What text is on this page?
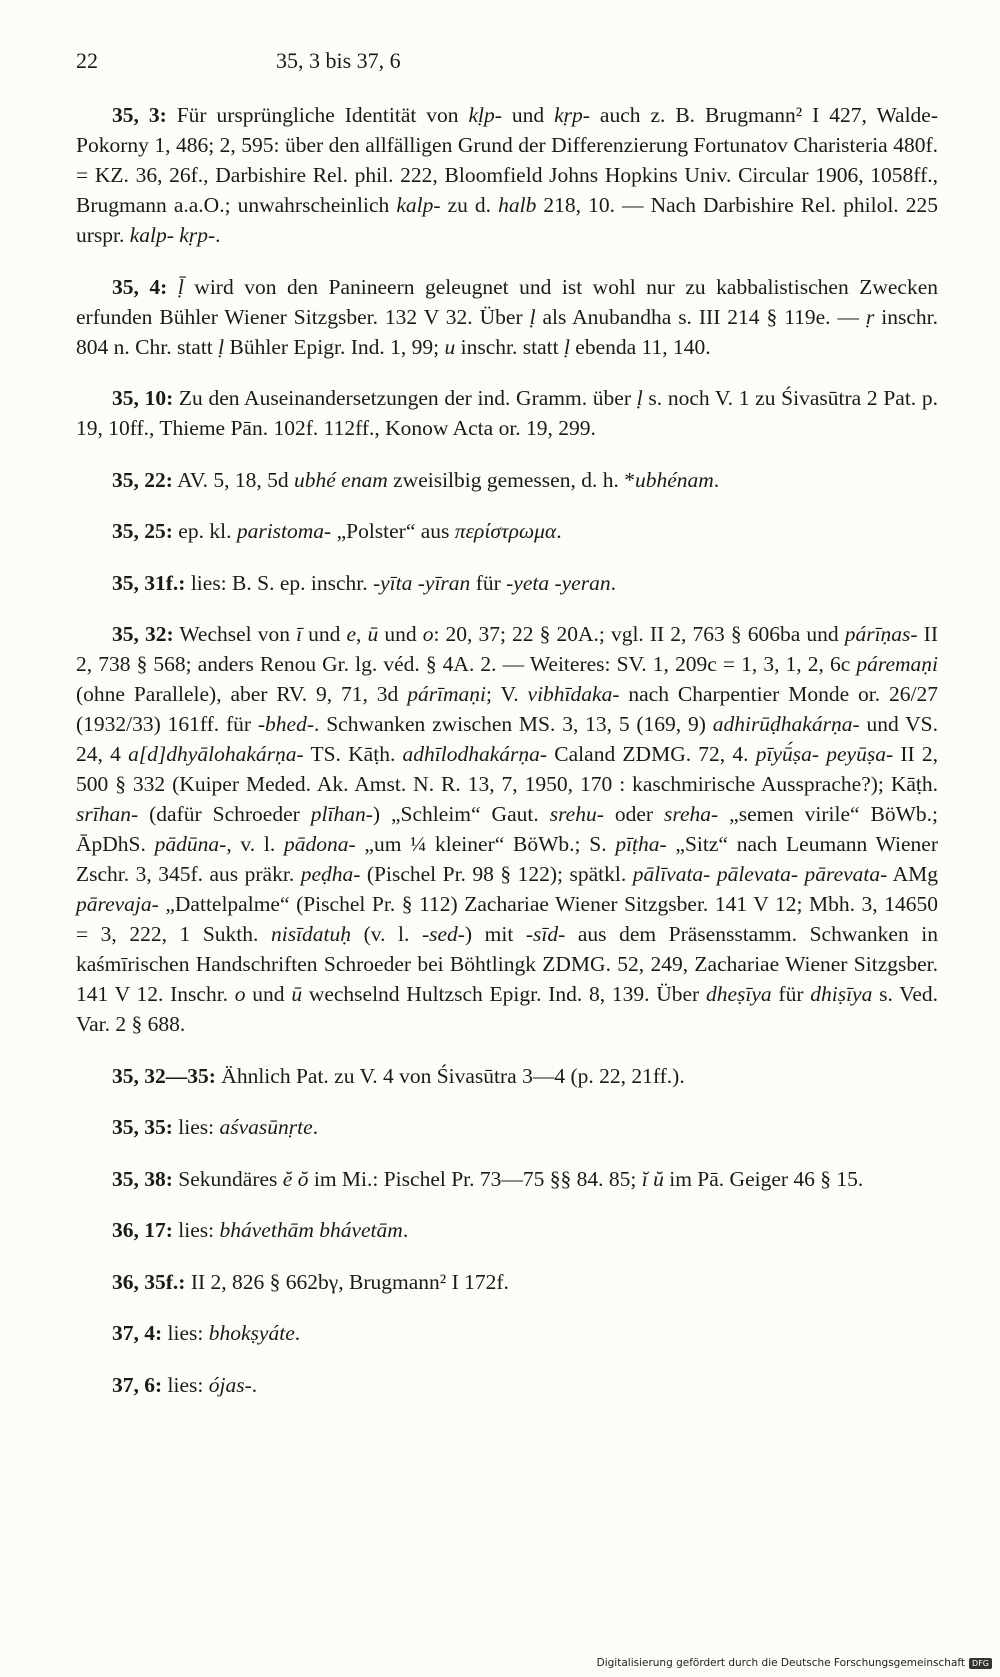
22	35, 3 bis 37, 6

35, 3: Für ursprüngliche Identität von kḷp- und kṛp- auch z. B. Brugmann² I 427, Walde-Pokorny 1, 486; 2, 595: über den allfälligen Grund der Differenzierung Fortunatov Charisteria 480f. = KZ. 36, 26f., Darbishire Rel. phil. 222, Bloomfield Johns Hopkins Univ. Circular 1906, 1058ff., Brugmann a.a.O.; unwahrscheinlich kalp- zu d. halb 218, 10. — Nach Darbishire Rel. philol. 225 urspr. kalp- kṛp-.

35, 4: ḹ wird von den Panineern geleugnet und ist wohl nur zu kabbalistischen Zwecken erfunden Bühler Wiener Sitzgsber. 132 V 32. Über ḷ als Anubandha s. III 214 § 119e. — ṛ inschr. 804 n. Chr. statt ḷ Bühler Epigr. Ind. 1, 99; u inschr. statt ḷ ebenda 11, 140.

35, 10: Zu den Auseinandersetzungen der ind. Gramm. über ḷ s. noch V. 1 zu Śivasūtra 2 Pat. p. 19, 10ff., Thieme Pān. 102f. 112ff., Konow Acta or. 19, 299.

35, 22: AV. 5, 18, 5d ubhé enam zweisilbig gemessen, d. h. *ubhénam.

35, 25: ep. kl. paristoma- „Polster“ aus περίστρωμα.

35, 31f.: lies: B. S. ep. inschr. -yīta -yīran für -yeta -yeran.

35, 32: Wechsel von ī und e, ū und o: 20, 37; 22 § 20A.; vgl. II 2, 763 § 606ba und párīṇas- II 2, 738 § 568; anders Renou Gr. lg. véd. § 4A. 2. — Weiteres: SV. 1, 209c = 1, 3, 1, 2, 6c páremaṇi (ohne Parallele), aber RV. 9, 71, 3d párīmaṇi; V. vibhīdaka- nach Charpentier Monde or. 26/27 (1932/33) 161ff. für -bhed-. Schwanken zwischen MS. 3, 13, 5 (169, 9) adhirūḍhakárṇa- und VS. 24, 4 a[d]dhyālohakárṇa- TS. Kāṭh. adhīlodhakárṇa- Caland ZDMG. 72, 4. pīyū́ṣa- peyūṣa- II 2, 500 § 332 (Kuiper Meded. Ak. Amst. N. R. 13, 7, 1950, 170 : kaschmirische Aussprache?); Kāṭh. srīhan- (dafür Schroeder plīhan-) „Schleim“ Gaut. srehu- oder sreha- „semen virile“ BöWb.; ĀpDhS. pādūna-, v. l. pādona- „um ¼ kleiner“ BöWb.; S. pīṭha- „Sitz“ nach Leumann Wiener Zschr. 3, 345f. aus präkr. peḍha- (Pischel Pr. 98 § 122); spätkl. pālīvata- pālevata- pārevata- AMg pārevaja- „Dattelpalme“ (Pischel Pr. § 112) Zachariae Wiener Sitzgsber. 141 V 12; Mbh. 3, 14650 = 3, 222, 1 Sukth. nisīdatuḥ (v. l. -sed-) mit -sīd- aus dem Präsensstamm. Schwanken in kaśmīrischen Handschriften Schroeder bei Böhtlingk ZDMG. 52, 249, Zachariae Wiener Sitzgsber. 141 V 12. Inschr. o und ū wechselnd Hultzsch Epigr. Ind. 8, 139. Über dheṣīya für dhiṣīya s. Ved. Var. 2 § 688.

35, 32—35: Ähnlich Pat. zu V. 4 von Śivasūtra 3—4 (p. 22, 21ff.).

35, 35: lies: aśvasūnṛte.

35, 38: Sekundäres ĕ ŏ im Mi.: Pischel Pr. 73—75 §§ 84. 85; ĭ ŭ im Pā. Geiger 46 § 15.

36, 17: lies: bhávethām bhávetām.

36, 35f.: II 2, 826 § 662bγ, Brugmann² I 172f.

37, 4: lies: bhokṣyáte.

37, 6: lies: ójas-.

Digitalisierung gefördert durch die Deutsche Forschungsgemeinschaft DFG
